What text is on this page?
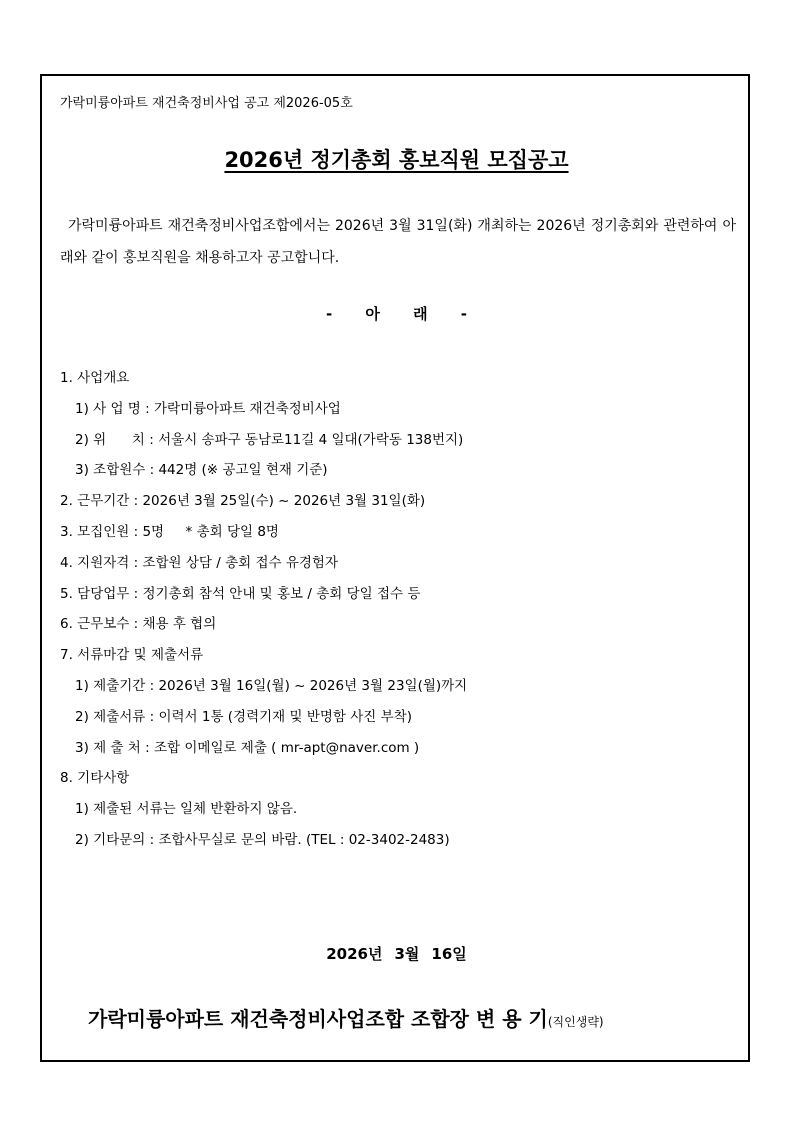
가락미륭아파트 재건축정비사업 공고 제2026-05호
2026년 정기총회 홍보직원 모집공고
가락미륭아파트 재건축정비사업조합에서는 2026년 3월 31일(화) 개최하는 2026년 정기총회와 관련하여 아래와 같이 홍보직원을 채용하고자 공고합니다.
- 아 래 -
1. 사업개요
1) 사 업 명 : 가락미륭아파트 재건축정비사업
2) 위      치 : 서울시 송파구 동남로11길 4 일대(가락동 138번지)
3) 조합원수 : 442명 (※ 공고일 현재 기준)
2. 근무기간 : 2026년 3월 25일(수) ~ 2026년 3월 31일(화)
3. 모집인원 : 5명     * 총회 당일 8명
4. 지원자격 : 조합원 상담 / 총회 접수 유경험자
5. 담당업무 : 정기총회 참석 안내 및 홍보 / 총회 당일 접수 등
6. 근무보수 : 채용 후 협의
7. 서류마감 및 제출서류
1) 제출기간 : 2026년 3월 16일(월) ~ 2026년 3월 23일(월)까지
2) 제출서류 : 이력서 1통 (경력기재 및 반명함 사진 부착)
3) 제 출 처 : 조합 이메일로 제출 ( mr-apt@naver.com )
8. 기타사항
1) 제출된 서류는 일체 반환하지 않음.
2) 기타문의 : 조합사무실로 문의 바람. (TEL : 02-3402-2483)
2026년 3월 16일
가락미륭아파트 재건축정비사업조합 조합장 변 용 기(직인생략)
